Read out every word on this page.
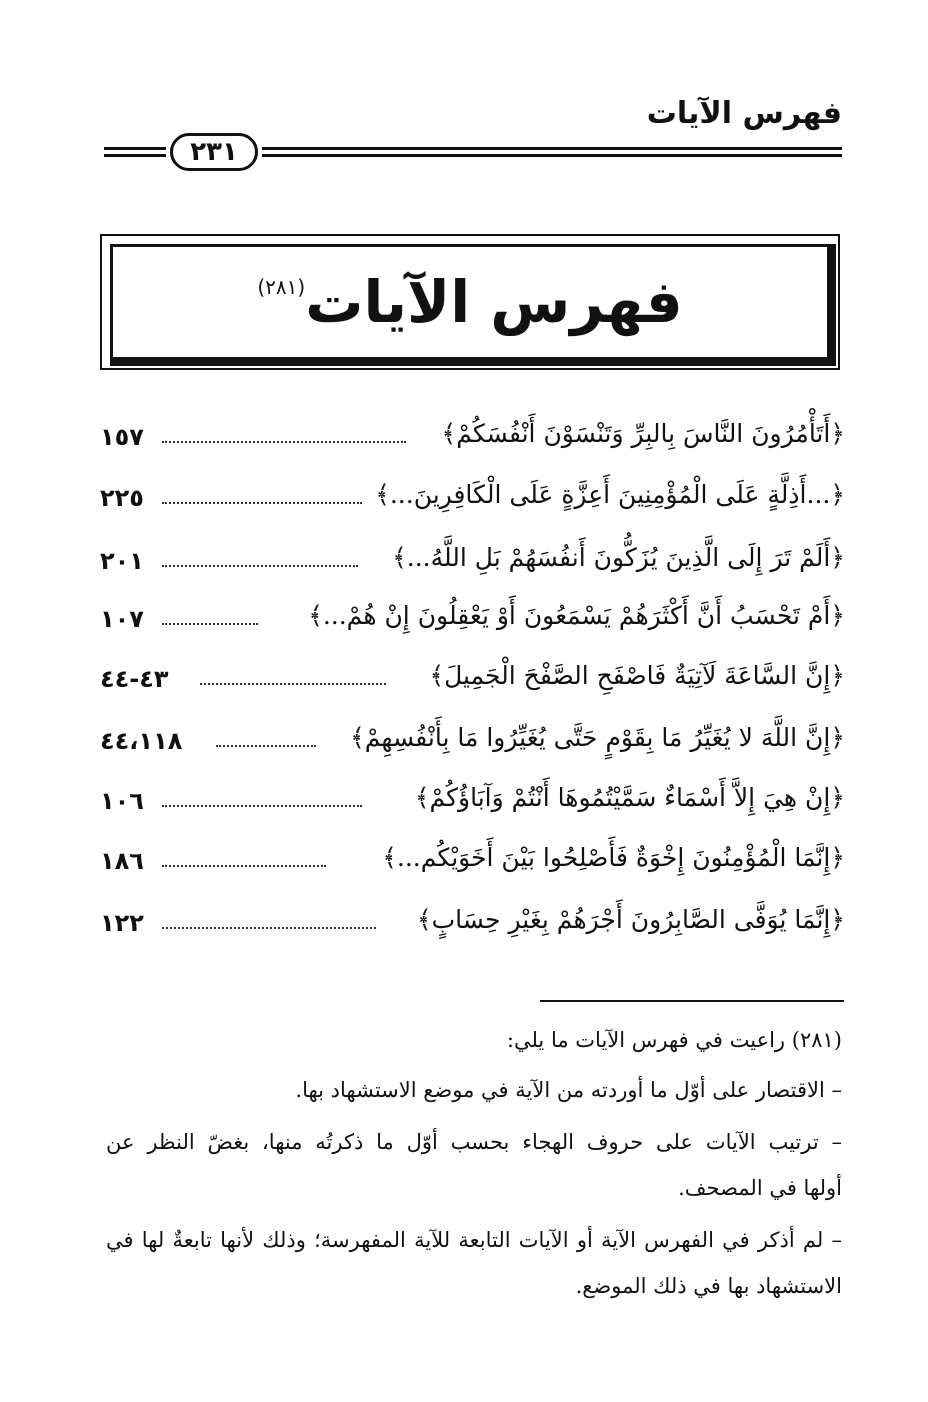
فهرس الآيات
٢٣١
فهرس الآيات$^{(٢٨١)}$
﴿أَتَأْمُرُونَ النَّاسَ بِالبِرِّ وَتَنْسَوْنَ أَنْفُسَكُمْ﴾
١٥٧
﴿...أَذِلَّةٍ عَلَى الْمُؤْمِنِينَ أَعِزَّةٍ عَلَى الْكَافِرِينَ...﴾
٢٢٥
﴿أَلَمْ تَرَ إِلَى الَّذِينَ يُزَكُّونَ أَنفُسَهُمْ بَلِ اللَّهُ...﴾
٢٠١
﴿أَمْ تَحْسَبُ أَنَّ أَكْثَرَهُمْ يَسْمَعُونَ أَوْ يَعْقِلُونَ إِنْ هُمْ...﴾
١٠٧
﴿إِنَّ السَّاعَةَ لَآتِيَةٌ فَاصْفَحِ الصَّفْحَ الْجَمِيلَ﴾
٤٣-٤٤
﴿إِنَّ اللَّهَ لا يُغَيِّرُ مَا بِقَوْمٍ حَتَّى يُغَيِّرُوا مَا بِأَنْفُسِهِمْ﴾
٤٤،١١٨
﴿إِنْ هِيَ إِلاَّ أَسْمَاءٌ سَمَّيْتُمُوهَا أَنْتُمْ وَآبَاؤُكُمْ﴾
١٠٦
﴿إِنَّمَا الْمُؤْمِنُونَ إِخْوَةٌ فَأَصْلِحُوا بَيْنَ أَخَوَيْكُم...﴾
١٨٦
﴿إِنَّمَا يُوَفَّى الصَّابِرُونَ أَجْرَهُمْ بِغَيْرِ حِسَابٍ﴾
١٢٢
(٢٨١) راعيت في فهرس الآيات ما يلي:
– الاقتصار على أوّل ما أوردته من الآية في موضع الاستشهاد بها.
– ترتيب الآيات على حروف الهجاء بحسب أوّل ما ذكرتُه منها، بغضّ النظر عن
أولها في المصحف.
– لم أذكر في الفهرس الآية أو الآيات التابعة للآية المفهرسة؛ وذلك لأنها تابعةٌ لها في
الاستشهاد بها في ذلك الموضع.
